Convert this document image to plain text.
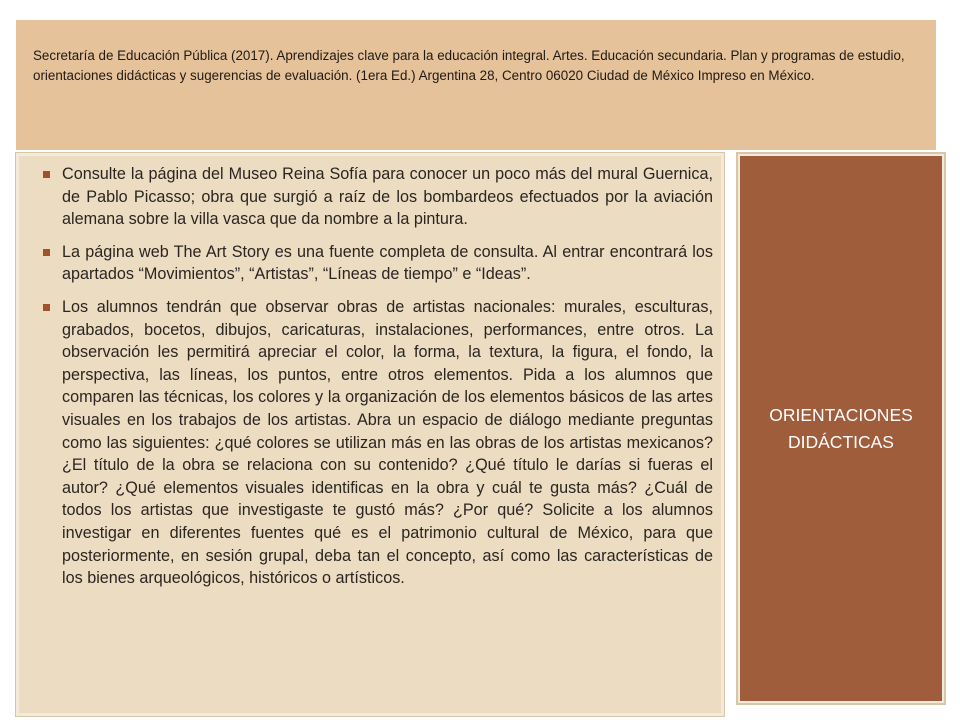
Secretaría de Educación Pública (2017). Aprendizajes clave para la educación integral. Artes. Educación secundaria. Plan y programas de estudio, orientaciones didácticas y sugerencias de evaluación. (1era Ed.) Argentina 28, Centro 06020 Ciudad de México Impreso en México.

Consulte la página del Museo Reina Sofía para conocer un poco más del mural Guernica, de Pablo Picasso; obra que surgió a raíz de los bombardeos efectuados por la aviación alemana sobre la villa vasca que da nombre a la pintura.
La página web The Art Story es una fuente completa de consulta. Al entrar encontrará los apartados “Movimientos”, “Artistas”, “Líneas de tiempo” e “Ideas”.
Los alumnos tendrán que observar obras de artistas nacionales: murales, esculturas, grabados, bocetos, dibujos, caricaturas, instalaciones, performances, entre otros. La observación les permitirá apreciar el color, la forma, la textura, la figura, el fondo, la perspectiva, las líneas, los puntos, entre otros elementos. Pida a los alumnos que comparen las técnicas, los colores y la organización de los elementos básicos de las artes visuales en los trabajos de los artistas. Abra un espacio de diálogo mediante preguntas como las siguientes: ¿qué colores se utilizan más en las obras de los artistas mexicanos? ¿El título de la obra se relaciona con su contenido? ¿Qué título le darías si fueras el autor? ¿Qué elementos visuales identificas en la obra y cuál te gusta más? ¿Cuál de todos los artistas que investigaste te gustó más? ¿Por qué? Solicite a los alumnos investigar en diferentes fuentes qué es el patrimonio cultural de México, para que posteriormente, en sesión grupal, deba tan el concepto, así como las características de los bienes arqueológicos, históricos o artísticos.
ORIENTACIONES DIDÁCTICAS
